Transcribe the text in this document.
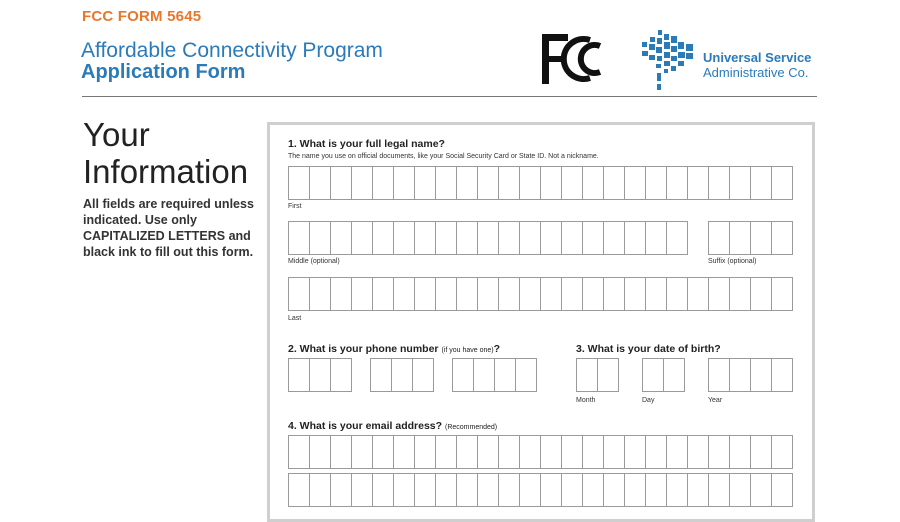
FCC FORM 5645
Affordable Connectivity Program
Application Form
Universal Service
Administrative Co.
Your
Information
All fields are required unless indicated. Use only CAPITALIZED LETTERS and black ink to fill out this form.
1. What is your full legal name?
The name you use on official documents, like your Social Security Card or State ID. Not a nickname.
First
Middle (optional)	Suffix (optional)
Last
2. What is your phone number (if you have one)?	3. What is your date of birth?
Month	Day	Year
4. What is your email address? (Recommended)
